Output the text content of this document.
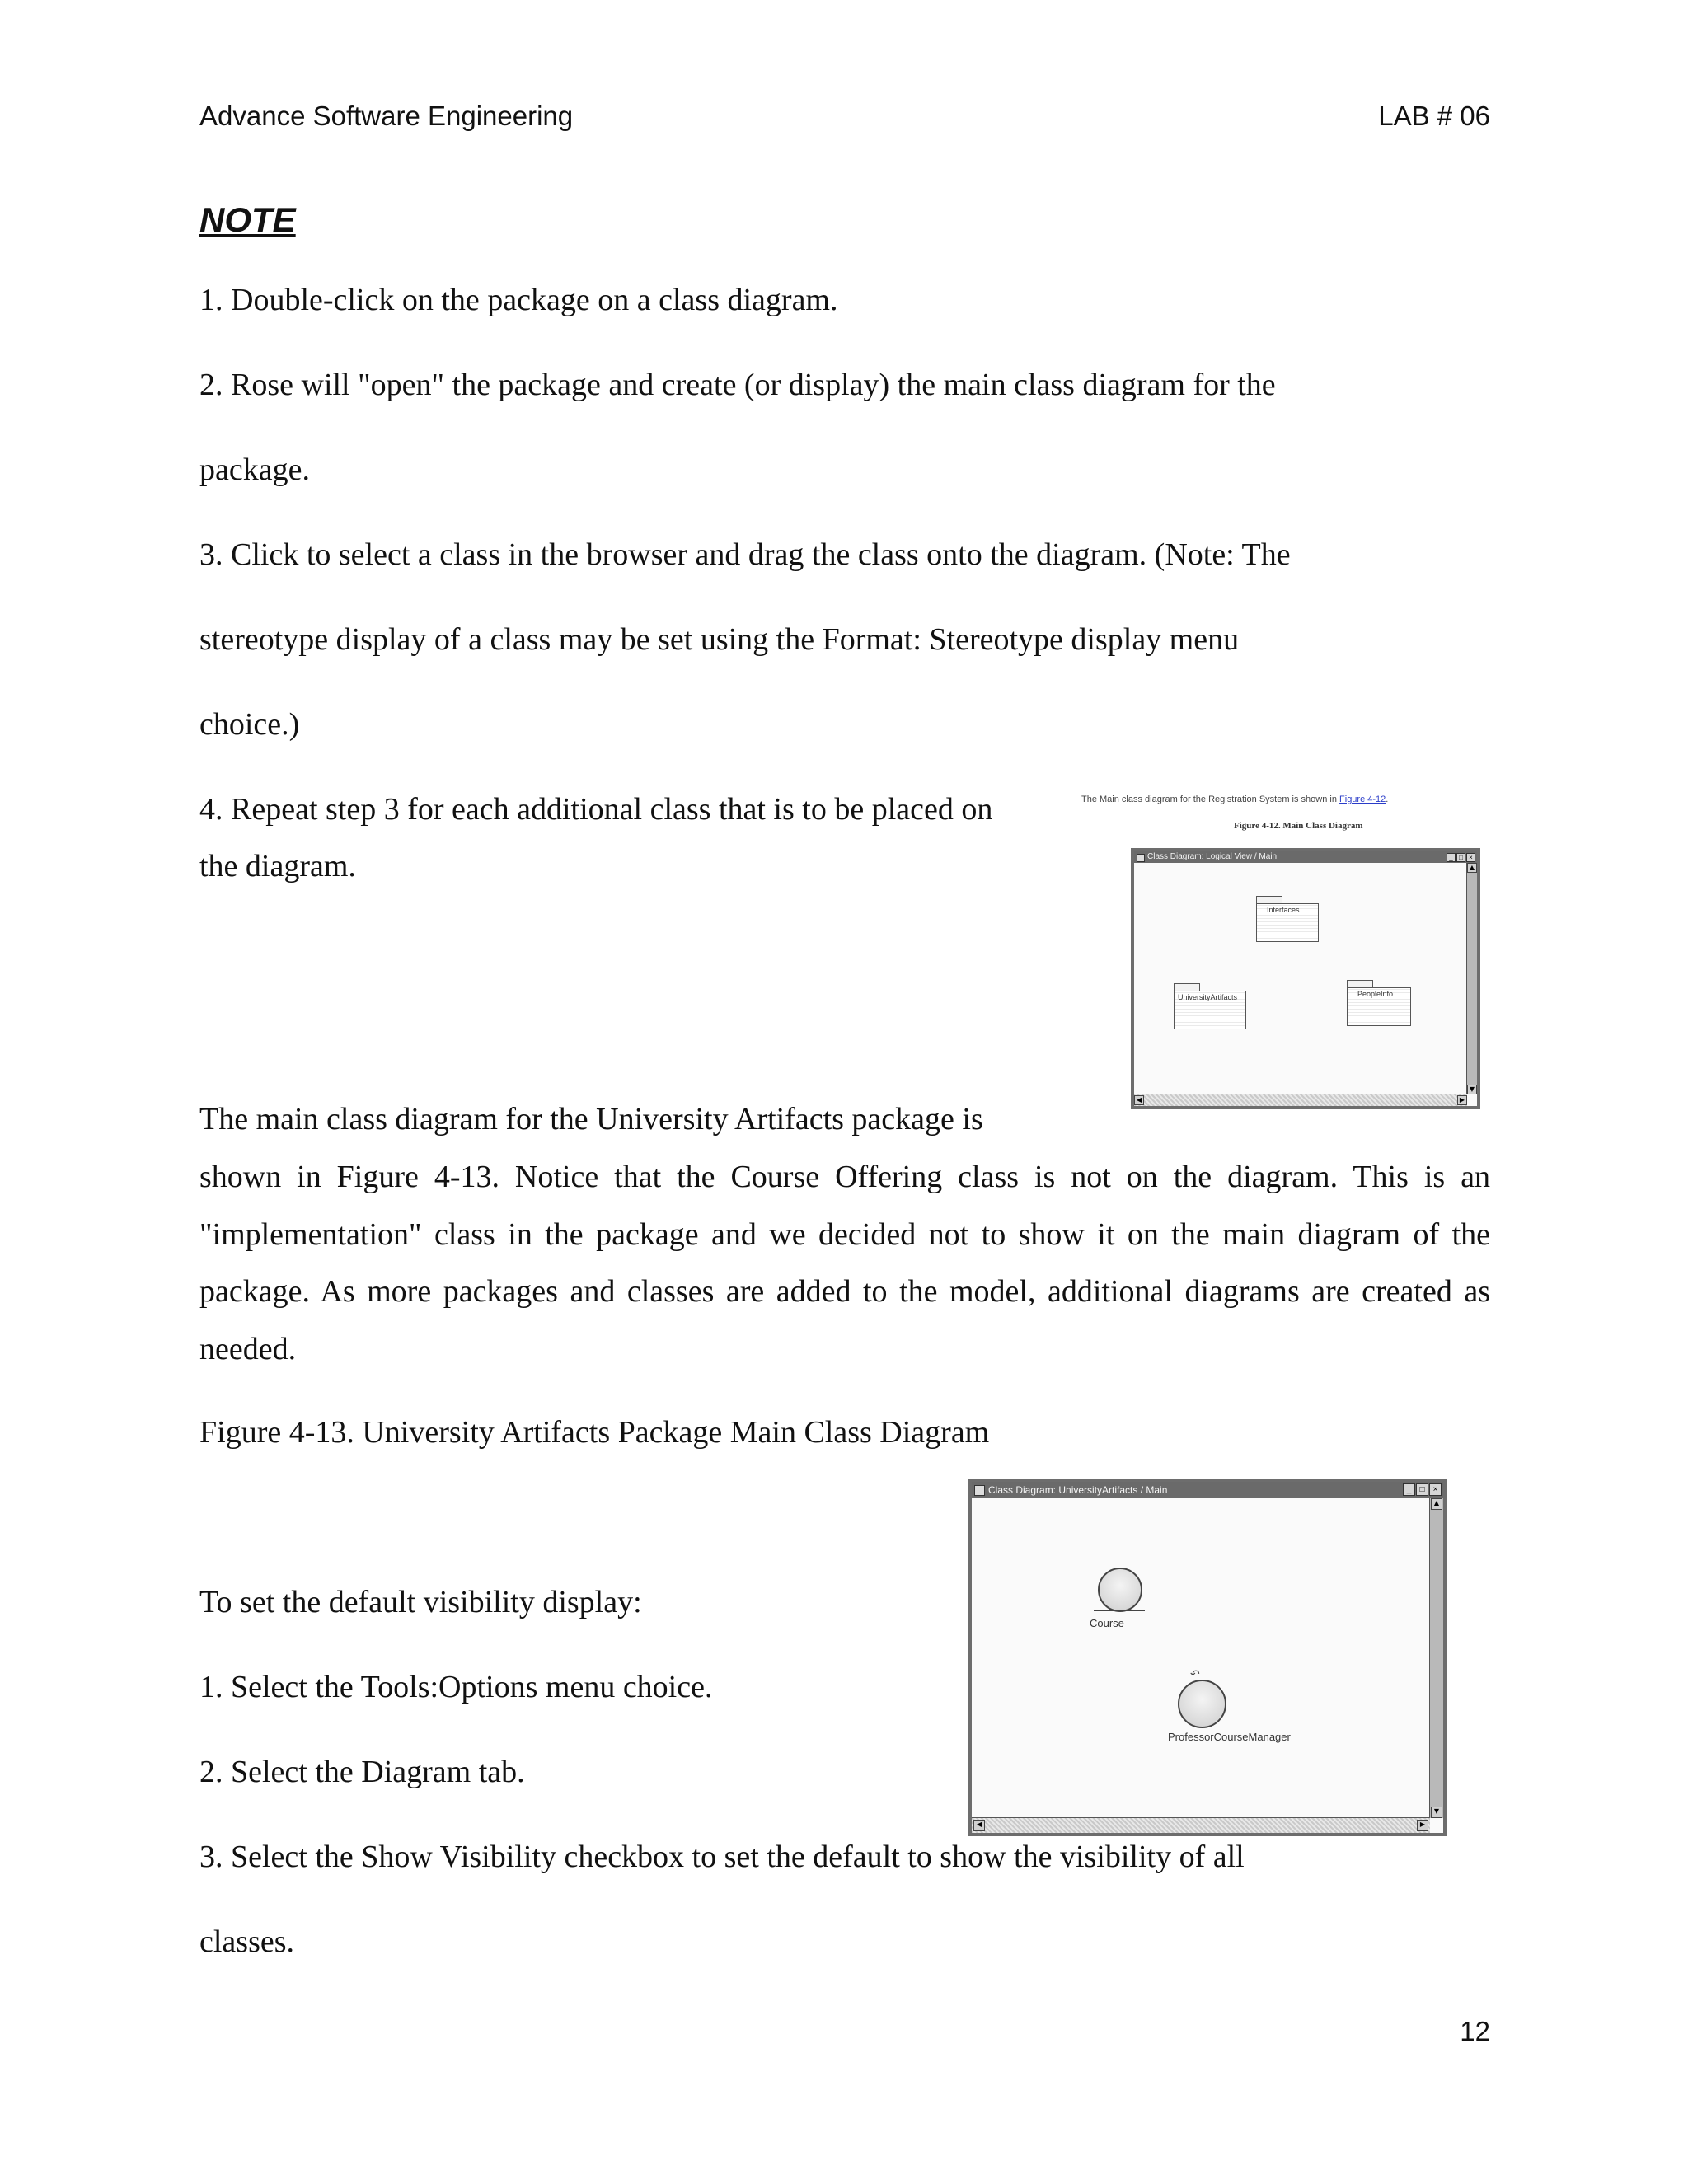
Advance Software Engineering	LAB # 06
NOTE
1. Double-click on the package on a class diagram.
2. Rose will "open" the package and create (or display) the main class diagram for the
package.
3. Click to select a class in the browser and drag the class onto the diagram. (Note: The
stereotype display of a class may be set using the Format: Stereotype display menu
choice.)
4. Repeat step 3 for each additional class that is to be placed on
the diagram.
The Main class diagram for the Registration System is shown in Figure 4-12.
Figure 4-12. Main Class Diagram
Class Diagram: Logical View / Main	_ □ ×
▲
▼
◀	▶
Interfaces
UniversityArtifacts	PeopleInfo
The main class diagram for the University Artifacts package is
shown in Figure 4-13. Notice that the Course Offering class is not on the diagram. This is an "implementation" class in the package and we decided not to show it on the main diagram of the package. As more packages and classes are added to the model, additional diagrams are created as needed.
Figure 4-13. University Artifacts Package Main Class Diagram
Class Diagram: UniversityArtifacts / Main	_	□	×
▲
▼
◀	▶
Course
↶
ProfessorCourseManager
To set the default visibility display:
1. Select the Tools:Options menu choice.
2. Select the Diagram tab.
3. Select the Show Visibility checkbox to set the default to show the visibility of all
classes.
12
